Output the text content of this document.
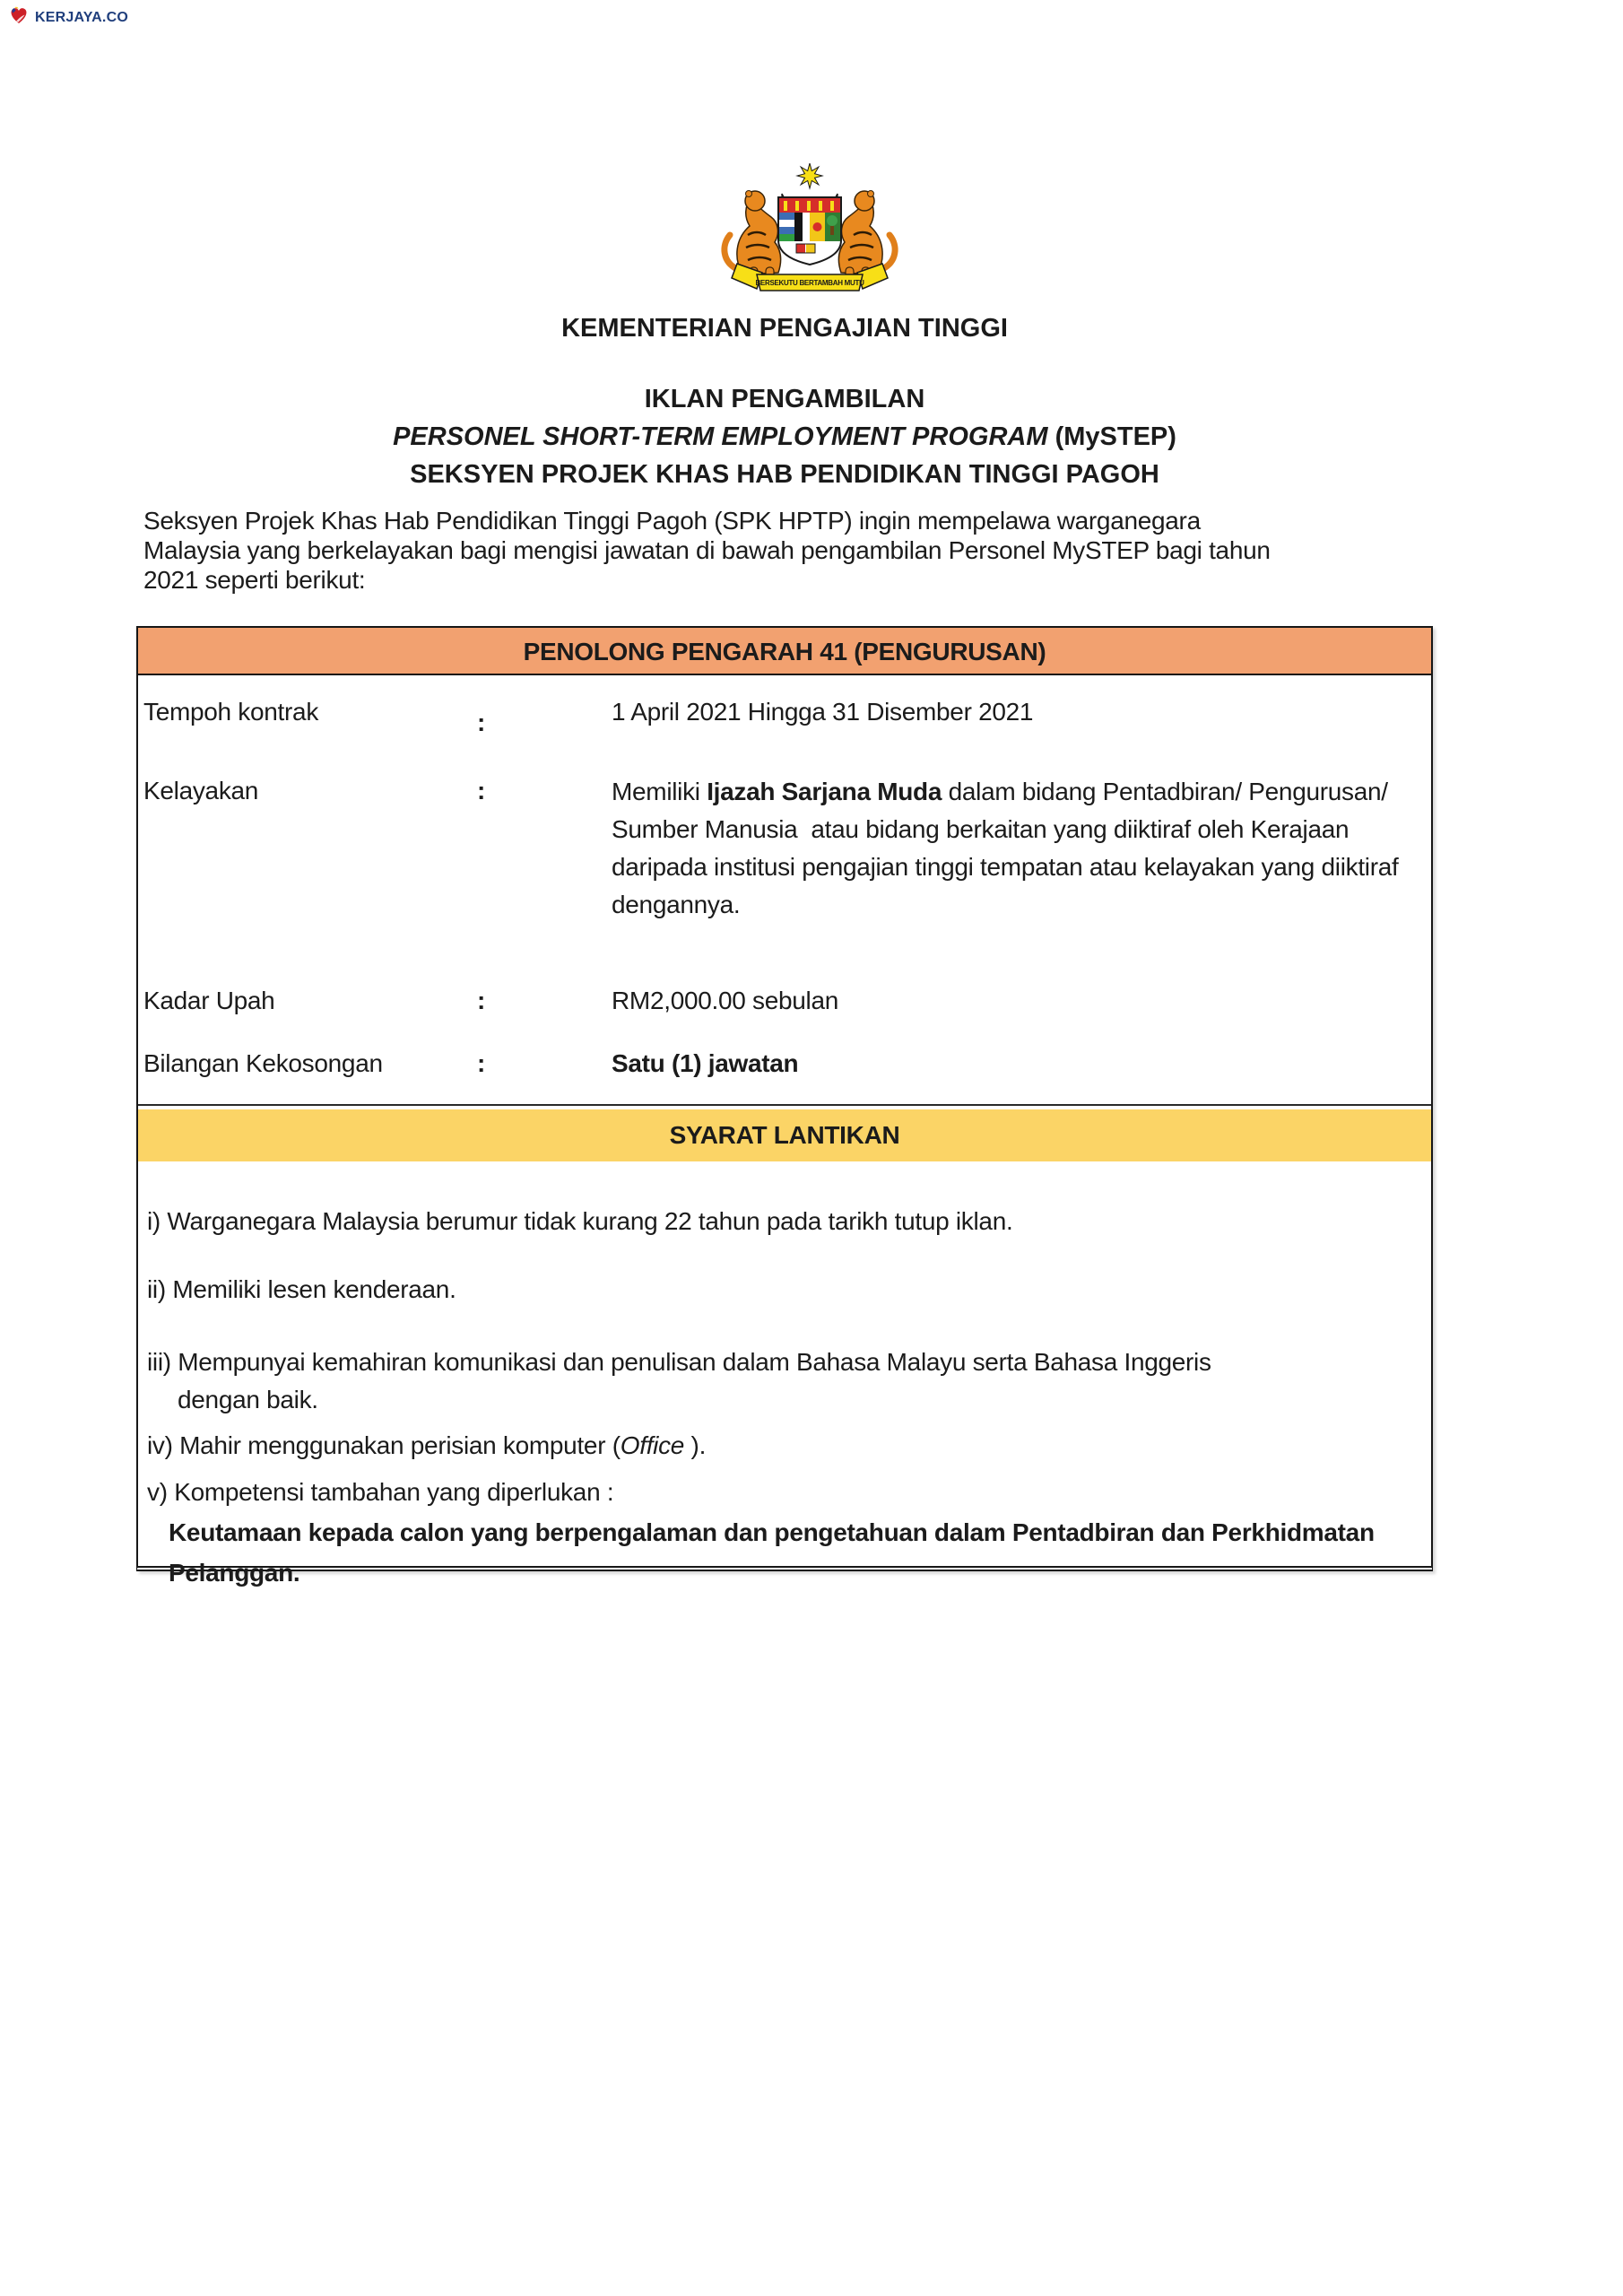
KERJAYA.CO
BERSEKUTU BERTAMBAH MUTU
KEMENTERIAN PENGAJIAN TINGGI
IKLAN PENGAMBILAN
PERSONEL SHORT-TERM EMPLOYMENT PROGRAM (MySTEP)
SEKSYEN PROJEK KHAS HAB PENDIDIKAN TINGGI PAGOH
Seksyen Projek Khas Hab Pendidikan Tinggi Pagoh (SPK HPTP) ingin mempelawa warganegara
Malaysia yang berkelayakan bagi mengisi jawatan di bawah pengambilan Personel MySTEP bagi tahun
2021 seperti berikut:
PENOLONG PENGARAH 41 (PENGURUSAN)
Tempoh kontrak	:	1 April 2021 Hingga 31 Disember 2021
Kelayakan	:	Memiliki Ijazah Sarjana Muda dalam bidang Pentadbiran/ Pengurusan/ Sumber Manusia  atau bidang berkaitan yang diiktiraf oleh Kerajaan daripada institusi pengajian tinggi tempatan atau kelayakan yang diiktiraf dengannya.
Kadar Upah	:	RM2,000.00 sebulan
Bilangan Kekosongan	:	Satu (1) jawatan
SYARAT LANTIKAN
i) Warganegara Malaysia berumur tidak kurang 22 tahun pada tarikh tutup iklan.
ii) Memiliki lesen kenderaan.
iii) Mempunyai kemahiran komunikasi dan penulisan dalam Bahasa Malayu serta Bahasa Inggeris
dengan baik.
iv) Mahir menggunakan perisian komputer (Office ).
v) Kompetensi tambahan yang diperlukan :
Keutamaan kepada calon yang berpengalaman dan pengetahuan dalam Pentadbiran dan Perkhidmatan Pelanggan.
